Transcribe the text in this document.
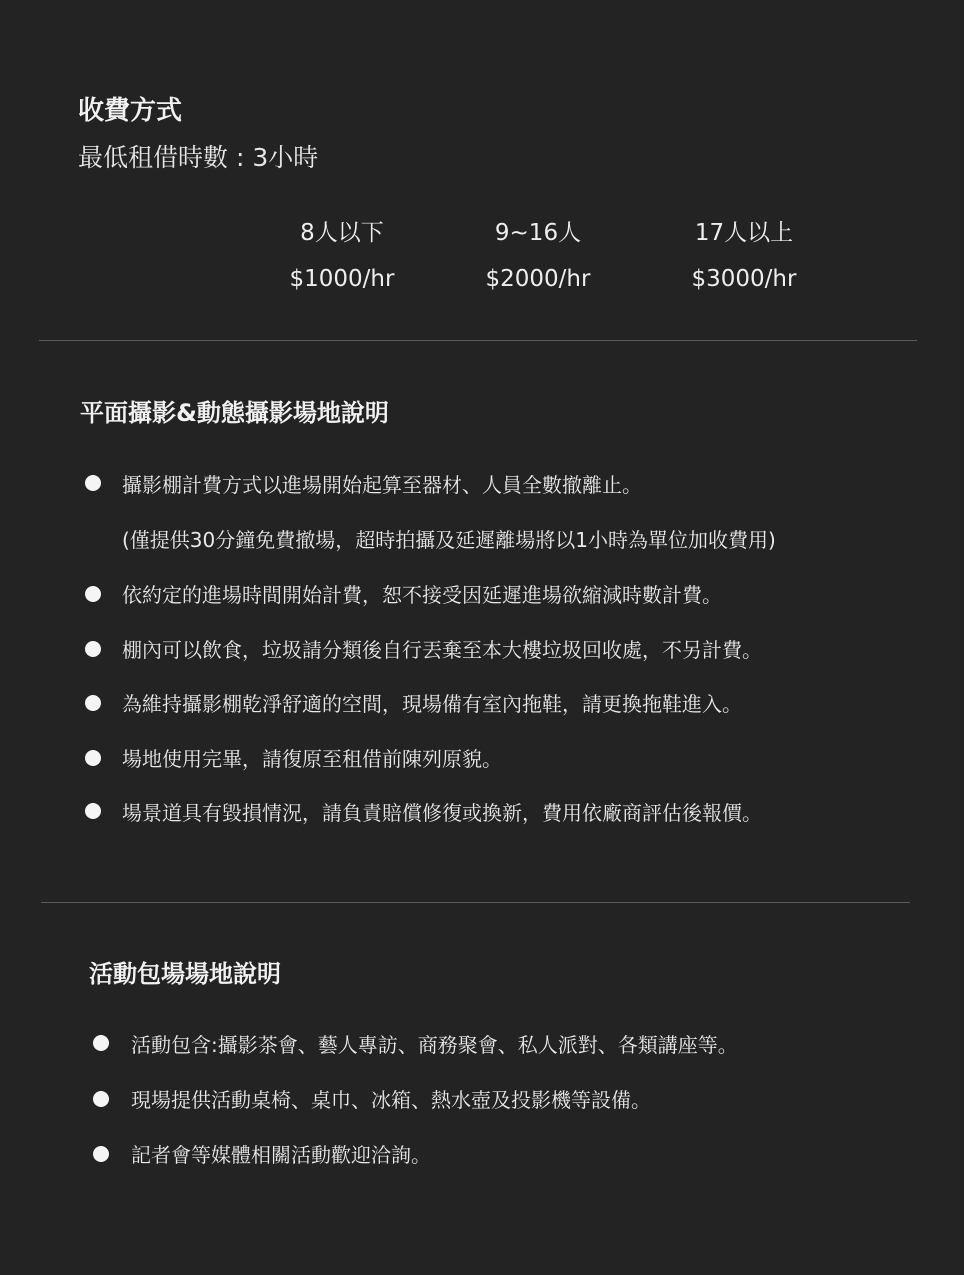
收費方式
最低租借時數 : 3小時
8人以下
$1000/hr
9~16人
$2000/hr
17人以上
$3000/hr
平面攝影&動態攝影場地說明
攝影棚計費方式以進場開始起算至器材、人員全數撤離止。
(僅提供30分鐘免費撤場，超時拍攝及延遲離場將以1小時為單位加收費用)
依約定的進場時間開始計費，恕不接受因延遲進場欲縮減時數計費。
棚內可以飲食，垃圾請分類後自行丟棄至本大樓垃圾回收處，不另計費。
為維持攝影棚乾淨舒適的空間，現場備有室內拖鞋，請更換拖鞋進入。
場地使用完畢，請復原至租借前陳列原貌。
場景道具有毀損情況，請負責賠償修復或換新，費用依廠商評估後報價。
活動包場場地說明
活動包含:攝影茶會、藝人專訪、商務聚會、私人派對、各類講座等。
現場提供活動桌椅、桌巾、冰箱、熱水壺及投影機等設備。
記者會等媒體相關活動歡迎洽詢。
